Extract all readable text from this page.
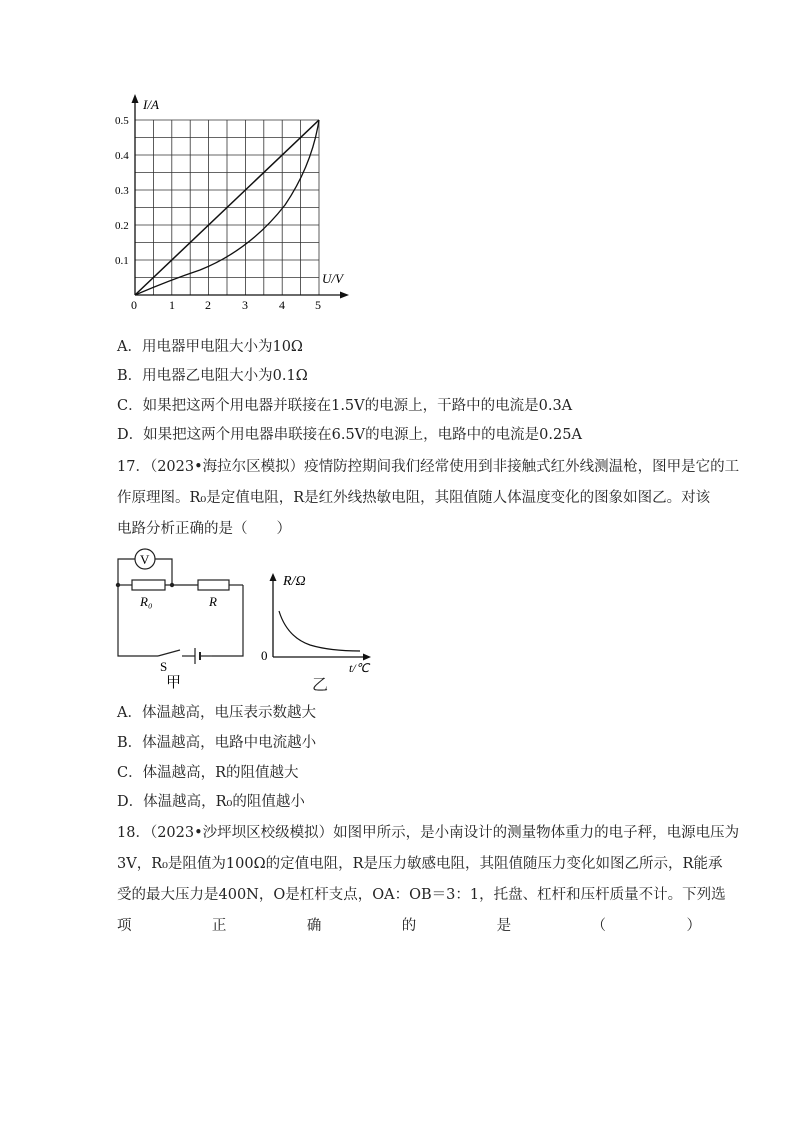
I/A
U/V
0
0.1
0.2
0.3
0.4
0.5
1	2	3	4	5
A．用电器甲电阻大小为10Ω
B．用电器乙电阻大小为0.1Ω
C．如果把这两个用电器并联接在1.5V的电源上，干路中的电流是0.3A
D．如果把这两个用电器串联接在6.5V的电源上，电路中的电流是0.25A
17．（2023•海拉尔区模拟）疫情防控期间我们经常使用到非接触式红外线测温枪，图甲是它的工
作原理图。R₀是定值电阻，R是红外线热敏电阻，其阻值随人体温度变化的图象如图乙。对该
电路分析正确的是（　　）
V
R₀	R
S
甲
R/Ω
t/℃
0
乙
A．体温越高，电压表示数越大
B．体温越高，电路中电流越小
C．体温越高，R的阻值越大
D．体温越高，R₀的阻值越小
18．（2023•沙坪坝区校级模拟）如图甲所示，是小南设计的测量物体重力的电子秤，电源电压为
3V，R₀是阻值为100Ω的定值电阻，R是压力敏感电阻，其阻值随压力变化如图乙所示，R能承
受的最大压力是400N，O是杠杆支点，OA：OB＝3：1，托盘、杠杆和压杆质量不计。下列选
项	正	确	的	是	（	）
